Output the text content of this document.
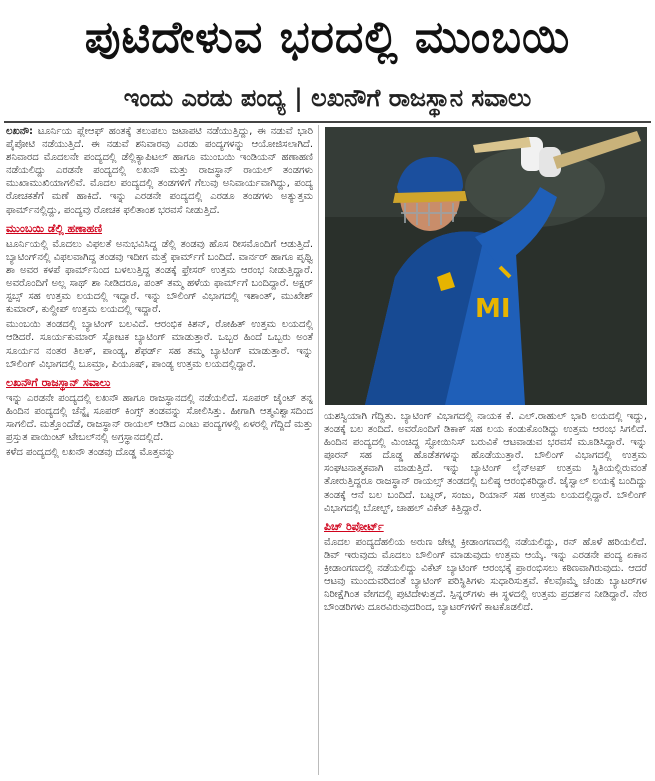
ಪುಟಿದೇಳುವ ಭರದಲ್ಲಿ ಮುಂಬಯಿ
ಇಂದು ಎರಡು ಪಂದ್ಯ | ಲಖನೌಗೆ ರಾಜಸ್ಥಾನ ಸವಾಲು

ಲಖನೌ: ಟೂರ್ನಿಯ ಪ್ಲೇಆಫ್ ಹಂತಕ್ಕೆ ತಲುಪಲು ಜಟಾಪಟಿ ನಡೆಯುತ್ತಿದ್ದು, ಈ ನಡುವೆ ಭಾರಿ ಪೈಪೋಟಿ ನಡೆಯುತ್ತಿದೆ. ಈ ನಡುವೆ ಶನಿವಾರವು ಎರಡು ಪಂದ್ಯಗಳನ್ನು ಆಯೋಜಿಸಲಾಗಿದೆ. ಶನಿವಾರದ ಮೊದಲನೇ ಪಂದ್ಯದಲ್ಲಿ ಡೆಲ್ಲಿಕ್ಯಾಪಿಟಲ್ ಹಾಗೂ ಮುಂಬಯಿ ಇಂಡಿಯನ್ ಹಣಾಹಣಿ ನಡೆಯಲಿದ್ದು ಎರಡನೇ ಪಂದ್ಯದಲ್ಲಿ ಲಖನೌ ಮತ್ತು ರಾಜಸ್ಥಾನ್ ರಾಯಲ್ ತಂಡಗಳು ಮುಖಾಮುಖಿಯಾಗಲಿವೆ. ಮೊದಲ ಪಂದ್ಯದಲ್ಲಿ ತಂಡಗಳಿಗೆ ಗೆಲುವು ಅನಿವಾರ್ಯವಾಗಿದ್ದು, ಪಂದ್ಯ ರೋಚಕತೆಗೆ ಮಣೆ ಹಾಕಿದೆ. ಇನ್ನು ಎರಡನೇ ಪಂದ್ಯದಲ್ಲಿ ಎರಡೂ ತಂಡಗಳು ಅತ್ಯುತ್ತಮ ಫಾರ್ಮ್‌ನಲ್ಲಿದ್ದು, ಪಂದ್ಯವು ರೋಚಕ ಫಲಿತಾಂಶ ಭರವಸೆ ನೀಡುತ್ತಿದೆ.

ಮುಂಬಯಿ ಡೆಲ್ಲಿ ಹಣಾಹಣಿ

ಟೂರ್ನಿಯಲ್ಲಿ ಮೊದಲು ವಿಫಲತೆ ಅನುಭವಿಸಿದ್ದ ಡೆಲ್ಲಿ ತಂಡವು ಹೊಸ ರೀಸಮೊಂದಿಗೆ ಆಡುತ್ತಿದೆ. ಬ್ಯಾಟಿಂಗ್‌ನಲ್ಲಿ ವಿಫಲವಾಗಿದ್ದ ತಂಡವು ಇದೀಗ ಮತ್ತೆ ಫಾರ್ಮ್‌ಗೆ ಬಂದಿದೆ. ವಾರ್ನರ್ ಹಾಗೂ ಪೃಥ್ವಿ ಶಾ ಅವರ ಕಳಪೆ ಫಾರ್ಮ್‌ನಿಂದ ಬಳಲುತ್ತಿದ್ದ ತಂಡಕ್ಕೆ ಫ್ರೇಸರ್ ಉತ್ತಮ ಆರಂಭ ನೀಡುತ್ತಿದ್ದಾರೆ. ಅವರೊಂದಿಗೆ ಅಲ್ಲ ಸಾಥ್ ಶಾ ನೀಡಿದರೂ, ಪಂತ್ ತಮ್ಮ ಹಳೆಯ ಫಾರ್ಮ್‌ಗೆ ಬಂದಿದ್ದಾರೆ. ಅಕ್ಷರ್ ಸ್ಟಬ್ಸ್ ಸಹ ಉತ್ತಮ ಲಯದಲ್ಲಿ ಇದ್ದಾರೆ. ಇನ್ನು ಬೌಲಿಂಗ್ ವಿಭಾಗದಲ್ಲಿ ಇಶಾಂತ್, ಮುಖೇಶ್ ಕುಮಾರ್, ಕುಲ್ದೀಪ್ ಉತ್ತಮ ಲಯದಲ್ಲಿ ಇದ್ದಾರೆ.

ಮುಂಬಯಿ ತಂಡದಲ್ಲಿ ಬ್ಯಾಟಿಂಗ್ ಬಲವಿದೆ. ಆರಂಭಿಕ ಕಿಶನ್, ರೋಹಿತ್ ಉತ್ತಮ ಲಯದಲ್ಲಿ ಆಡಿದರೆ. ಸೂರ್ಯಕುಮಾರ್ ಸ್ಫೋಟಕ ಬ್ಯಾಟಿಂಗ್ ಮಾಡುತ್ತಾರೆ. ಒಬ್ಬರ ಹಿಂದೆ ಒಬ್ಬರು ಅಂತೆ ಸೂರ್ಯನ ನಂತರ ತಿಲಕ್, ಪಾಂಡ್ಯ, ಶೆಫರ್ಡ್ ಸಹ ತಮ್ಮ ಬ್ಯಾಟಿಂಗ್ ಮಾಡುತ್ತಾರೆ. ಇನ್ನು ಬೌಲಿಂಗ್ ವಿಭಾಗದಲ್ಲಿ ಬೂಮ್ರಾ, ಪಿಯೂಷ್, ಪಾಂಡ್ಯ ಉತ್ತಮ ಲಯದಲ್ಲಿದ್ದಾರೆ.

ಲಖನೌಗೆ ರಾಜಸ್ಥಾನ್ ಸವಾಲು

ಇನ್ನು ಎರಡನೇ ಪಂದ್ಯದಲ್ಲಿ ಲಖನೌ ಹಾಗೂ ರಾಜಸ್ಥಾನದಲ್ಲಿ ನಡೆಯಲಿದೆ. ಸೂಪರ್ ಜೈಂಟ್ ತನ್ನ ಹಿಂದಿನ ಪಂದ್ಯದಲ್ಲಿ ಚೆನ್ನೈ ಸೂಪರ್ ಕಿಂಗ್ಸ್ ತಂಡವನ್ನು ಸೋಲಿಸಿತ್ತು. ಹೀಗಾಗಿ ಆತ್ಮವಿಶ್ವಾಸದಿಂದ ಸಾಗಲಿದೆ. ಮತ್ತೊಂದೆಡೆ, ರಾಜಸ್ಥಾನ್ ರಾಯಲ್ ಆಡಿದ ಎಂಟು ಪಂದ್ಯಗಳಲ್ಲಿ ಏಳರಲ್ಲಿ ಗೆದ್ದಿದೆ ಮತ್ತು ಪ್ರಸ್ತುತ ಪಾಯಿಂಟ್ ಟೇಬಲ್‌ನಲ್ಲಿ ಅಗ್ರಸ್ಥಾನದಲ್ಲಿದೆ.

ಕಳೆದ ಪಂದ್ಯದಲ್ಲಿ ಲಖನೌ ತಂಡವು ದೊಡ್ಡ ಮೊತ್ತವನ್ನು

MI

ಯಶಸ್ವಿಯಾಗಿ ಗೆದ್ದಿತು. ಬ್ಯಾಟಿಂಗ್ ವಿಭಾಗದಲ್ಲಿ ನಾಯಕ ಕೆ. ಎಲ್.ರಾಹುಲ್ ಭಾರಿ ಲಯದಲ್ಲಿ ಇದ್ದು, ತಂಡಕ್ಕೆ ಬಲ ತಂದಿದೆ. ಅವರೊಂದಿಗೆ ಡಿಕಾಕ್ ಸಹ ಲಯ ಕಂಡುಕೊಂಡಿದ್ದು ಉತ್ತಮ ಆರಂಭ ಸಿಗಲಿದೆ. ಹಿಂದಿನ ಪಂದ್ಯದಲ್ಲಿ ಮಿಂಚಿದ್ದ ಸ್ಟೋಯಿನಿಸ್ ಬರುವಿಕೆ ಆಟವಾಡುವ ಭರವಸೆ ಮೂಡಿಸಿದ್ದಾರೆ. ಇನ್ನು ಪೂರನ್ ಸಹ ದೊಡ್ಡ ಹೊಡೆತಗಳನ್ನು ಹೊಡೆಯುತ್ತಾರೆ. ಬೌಲಿಂಗ್ ವಿಭಾಗದಲ್ಲಿ ಉತ್ತಮ ಸಂಘಟನಾತ್ಮಕವಾಗಿ ಮಾಡುತ್ತಿದೆ. ಇನ್ನು ಬ್ಯಾಟಿಂಗ್ ಲೈನ್‌ಅಪ್ ಉತ್ತಮ ಸ್ಥಿತಿಯಲ್ಲಿರುವಂತೆ ತೋರುತ್ತಿದ್ದರೂ ರಾಜಸ್ಥಾನ್ ರಾಯಲ್ಸ್ ತಂಡದಲ್ಲಿ ಬಲಿಷ್ಠ ಆರಂಭಿಕರಿದ್ದಾರೆ. ಜೈಸ್ವಾಲ್ ಲಯಕ್ಕೆ ಬಂದಿದ್ದು ತಂಡಕ್ಕೆ ಆನೆ ಬಲ ಬಂದಿದೆ. ಬಟ್ಲರ್, ಸಂಜು, ರಿಯಾನ್ ಸಹ ಉತ್ತಮ ಲಯದಲ್ಲಿದ್ದಾರೆ. ಬೌಲಿಂಗ್ ವಿಭಾಗದಲ್ಲಿ ಬೋಲ್ಟ್, ಚಾಹಲ್ ವಿಕೆಟ್ ಕಿತ್ತಿದ್ದಾರೆ.

ಪಿಚ್ ರಿಪೋರ್ಟ್

ಮೊದಲ ಪಂದ್ಯದೆಹಲಿಯ ಅರುಣ ಜೇಟ್ಲಿ ಕ್ರೀಡಾಂಗಣದಲ್ಲಿ ನಡೆಯಲಿದ್ದು, ರನ್ ಹೊಳೆ ಹರಿಯಲಿದೆ. ಡಿವ್ ಇರುವುದು ಮೊದಲು ಬೌಲಿಂಗ್ ಮಾಡುವುದು ಉತ್ತಮ ಆಯ್ಕೆ. ಇನ್ನು ಎರಡನೇ ಪಂದ್ಯ ಏಕಾನ ಕ್ರೀಡಾಂಗಣದಲ್ಲಿ ನಡೆಯಲಿದ್ದು ವಿಕೆಟ್ ಬ್ಯಾಟಿಂಗ್ ಆರಂಭಕ್ಕೆ ಪ್ರಾರಂಭಿಸಲು ಕಠಿಣವಾಗಿರುವುದು. ಆದರೆ ಆಟವು ಮುಂದುವರಿದಂತೆ ಬ್ಯಾಟಿಂಗ್ ಪರಿಸ್ಥಿತಿಗಳು ಸುಧಾರಿಸುತ್ತವೆ. ಕೆಲವೊಮ್ಮೆ ಚೆಂಡು ಬ್ಯಾಟರ್‌ಗಳ ನಿರೀಕ್ಷೆಗಿಂತ ವೇಗದಲ್ಲಿ ಪುಟಿದೇಳುತ್ತದೆ. ಸ್ಪಿನ್ನರ್‌ಗಳು ಈ ಸ್ಥಳದಲ್ಲಿ ಉತ್ತಮ ಪ್ರದರ್ಶನ ನೀಡಿದ್ದಾರೆ. ನೇರ ಬೌಂಡರಿಗಳು ದೂರವಿರುವುದರಿಂದ, ಬ್ಯಾಟರ್‌ಗಳಿಗೆ ಕಾಟಕೊಡಲಿದೆ.
